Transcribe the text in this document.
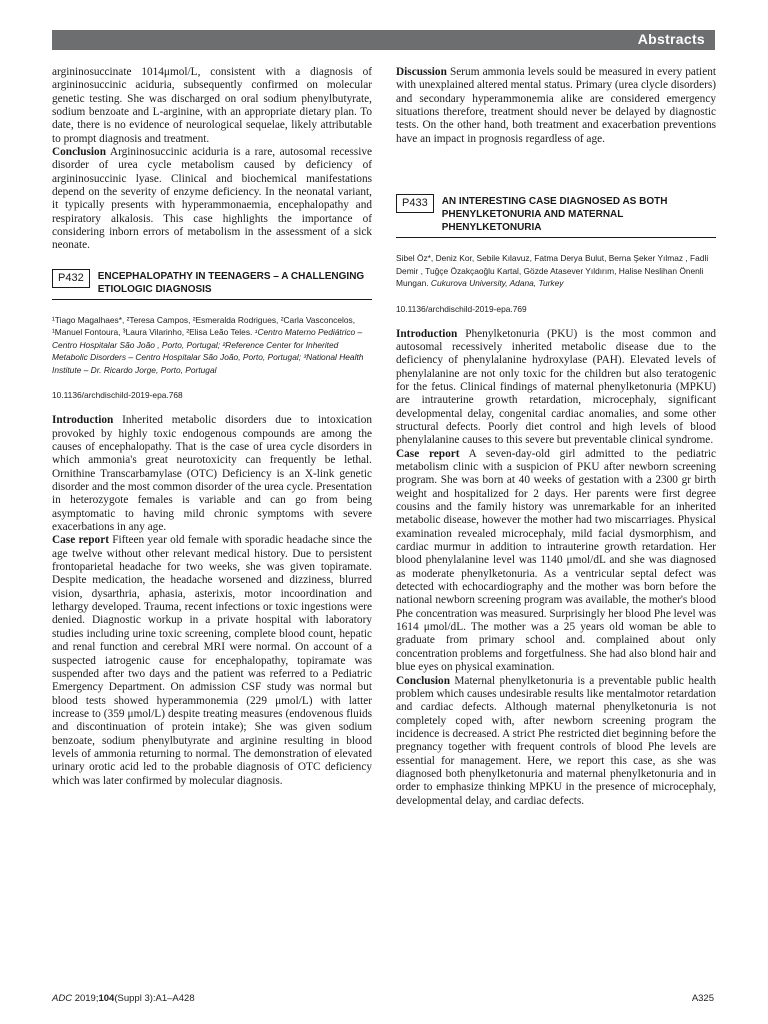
Abstracts

argininosuccinate 1014μmol/L, consistent with a diagnosis of argininosuccinic aciduria, subsequently confirmed on molecular genetic testing. She was discharged on oral sodium phenylbutyrate, sodium benzoate and L-arginine, with an appropriate dietary plan. To date, there is no evidence of neurological sequelae, likely attributable to prompt diagnosis and treatment.

Conclusion Argininosuccinic aciduria is a rare, autosomal recessive disorder of urea cycle metabolism caused by deficiency of argininosuccinic lyase. Clinical and biochemical manifestations depend on the severity of enzyme deficiency. In the neonatal variant, it typically presents with hyperammonaemia, encephalopathy and respiratory alkalosis. This case highlights the importance of considering inborn errors of metabolism in the assessment of a sick neonate.

P432	ENCEPHALOPATHY IN TEENAGERS – A CHALLENGING ETIOLOGIC DIAGNOSIS

¹Tiago Magalhaes*, ²Teresa Campos, ²Esmeralda Rodrigues, ²Carla Vasconcelos, ¹Manuel Fontoura, ³Laura Vilarinho, ²Elisa Leão Teles. ¹Centro Materno Pediátrico – Centro Hospitalar São João , Porto, Portugal; ²Reference Center for Inherited Metabolic Disorders – Centro Hospitalar São João, Porto, Portugal; ³National Health Institute – Dr. Ricardo Jorge, Porto, Portugal

10.1136/archdischild-2019-epa.768

Introduction Inherited metabolic disorders due to intoxication provoked by highly toxic endogenous compounds are among the causes of encephalopathy. That is the case of urea cycle disorders in which ammonia's great neurotoxicity can frequently be lethal. Ornithine Transcarbamylase (OTC) Deficiency is an X-link genetic disorder and the most common disorder of the urea cycle. Presentation in heterozygote females is variable and can go from being asymptomatic to having mild chronic symptoms with severe exacerbations in any age.

Case report Fifteen year old female with sporadic headache since the age twelve without other relevant medical history. Due to persistent frontoparietal headache for two weeks, she was given topiramate. Despite medication, the headache worsened and dizziness, blurred vision, dysarthria, aphasia, asterixis, motor incoordination and lethargy developed. Trauma, recent infections or toxic ingestions were denied. Diagnostic workup in a private hospital with laboratory studies including urine toxic screening, complete blood count, hepatic and renal function and cerebral MRI were normal. On account of a suspected iatrogenic cause for encephalopathy, topiramate was suspended after two days and the patient was referred to a Pediatric Emergency Department. On admission CSF study was normal but blood tests showed hyperammonemia (229 μmol/L) with latter increase to (359 μmol/L) despite treating measures (endovenous fluids and discontinuation of protein intake); She was given sodium benzoate, sodium phenylbutyrate and arginine resulting in blood levels of ammonia returning to normal. The demonstration of elevated urinary orotic acid led to the probable diagnosis of OTC deficiency which was later confirmed by molecular diagnosis.

Discussion Serum ammonia levels sould be measured in every patient with unexplained altered mental status. Primary (urea clycle disorders) and secondary hyperammonemia alike are considered emergency situations therefore, treatment should never be delayed by diagnostic tests. On the other hand, both treatment and exacerbation preventions have an impact in prognosis regardless of age.

P433	AN INTERESTING CASE DIAGNOSED AS BOTH PHENYLKETONURIA AND MATERNAL PHENYLKETONURIA

Sibel Öz*, Deniz Kor, Sebile Kılavuz, Fatma Derya Bulut, Berna Şeker Yılmaz , Fadli Demir , Tuğçe Özakçaoğlu Kartal, Gözde Atasever Yıldırım, Halise Neslihan Önenli Mungan. Cukurova University, Adana, Turkey

10.1136/archdischild-2019-epa.769

Introduction Phenylketonuria (PKU) is the most common and autosomal recessively inherited metabolic disease due to the deficiency of phenylalanine hydroxylase (PAH). Elevated levels of phenylalanine are not only toxic for the children but also teratogenic for the fetus. Clinical findings of maternal phenylketonuria (MPKU) are intrauterine growth retardation, microcephaly, significant developmental delay, congenital cardiac anomalies, and some other structural defects. Poorly diet control and high levels of blood phenylalanine causes to this severe but preventable clinical syndrome.

Case report A seven-day-old girl admitted to the pediatric metabolism clinic with a suspicion of PKU after newborn screening program. She was born at 40 weeks of gestation with a 2300 gr birth weight and hospitalized for 2 days. Her parents were first degree cousins and the family history was unremarkable for an inherited metabolic disease, however the mother had two miscarriages. Physical examination revealed microcephaly, mild facial dysmorphism, and cardiac murmur in addition to intrauterine growth retardation. Her blood phenylalanine level was 1140 μmol/dL and she was diagnosed as moderate phenylketonuria. As a ventricular septal defect was detected with echocardiography and the mother was born before the national newborn screening program was available, the mother's blood Phe concentration was measured. Surprisingly her blood Phe level was 1614 μmol/dL. The mother was a 25 years old woman be able to graduate from primary school and. complained about only concentration problems and forgetfulness. She had also blond hair and blue eyes on physical examination.

Conclusion Maternal phenylketonuria is a preventable public health problem which causes undesirable results like mentalmotor retardation and cardiac defects. Although maternal phenylketonuria is not completely coped with, after newborn screening program the incidence is decreased. A strict Phe restricted diet beginning before the pregnancy together with frequent controls of blood Phe levels are essential for management. Here, we report this case, as she was diagnosed both phenylketonuria and maternal phenylketonuria and in order to emphasize thinking MPKU in the presence of microcephaly, developmental delay, and cardiac defects.

ADC 2019;104(Suppl 3):A1–A428	A325
